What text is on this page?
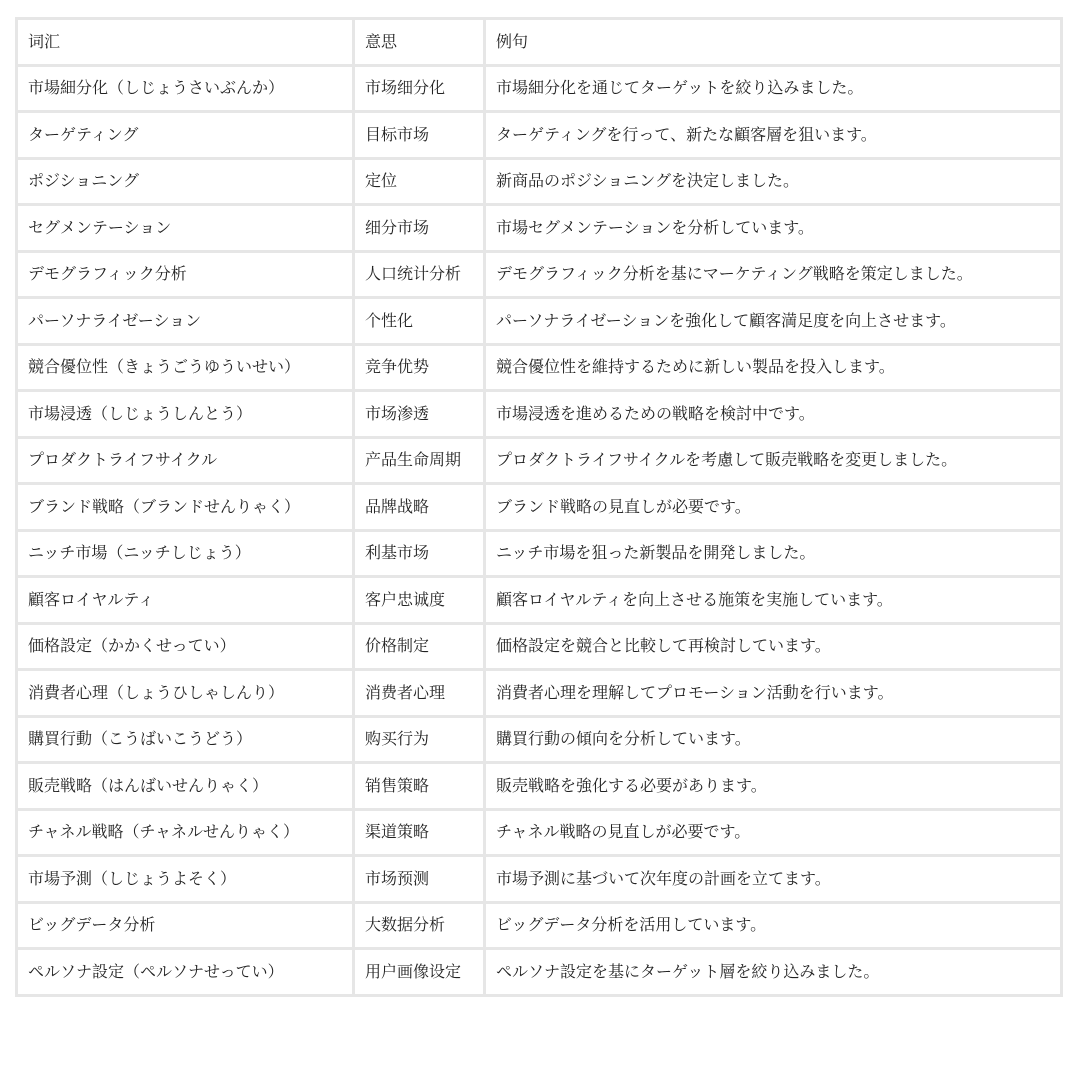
词汇	意思	例句
市場細分化（しじょうさいぶんか）	市场细分化	市場細分化を通じてターゲットを絞り込みました。
ターゲティング	目标市场	ターゲティングを行って、新たな顧客層を狙います。
ポジショニング	定位	新商品のポジショニングを決定しました。
セグメンテーション	细分市场	市場セグメンテーションを分析しています。
デモグラフィック分析	人口统计分析	デモグラフィック分析を基にマーケティング戦略を策定しました。
パーソナライゼーション	个性化	パーソナライゼーションを強化して顧客満足度を向上させます。
競合優位性（きょうごうゆういせい）	竞争优势	競合優位性を維持するために新しい製品を投入します。
市場浸透（しじょうしんとう）	市场渗透	市場浸透を進めるための戦略を検討中です。
プロダクトライフサイクル	产品生命周期	プロダクトライフサイクルを考慮して販売戦略を変更しました。
ブランド戦略（ブランドせんりゃく）	品牌战略	ブランド戦略の見直しが必要です。
ニッチ市場（ニッチしじょう）	利基市场	ニッチ市場を狙った新製品を開発しました。
顧客ロイヤルティ	客户忠诚度	顧客ロイヤルティを向上させる施策を実施しています。
価格設定（かかくせってい）	价格制定	価格設定を競合と比較して再検討しています。
消費者心理（しょうひしゃしんり）	消费者心理	消費者心理を理解してプロモーション活動を行います。
購買行動（こうばいこうどう）	购买行为	購買行動の傾向を分析しています。
販売戦略（はんばいせんりゃく）	销售策略	販売戦略を強化する必要があります。
チャネル戦略（チャネルせんりゃく）	渠道策略	チャネル戦略の見直しが必要です。
市場予測（しじょうよそく）	市场预测	市場予測に基づいて次年度の計画を立てます。
ビッグデータ分析	大数据分析	ビッグデータ分析を活用しています。
ペルソナ設定（ペルソナせってい）	用户画像设定	ペルソナ設定を基にターゲット層を絞り込みました。
